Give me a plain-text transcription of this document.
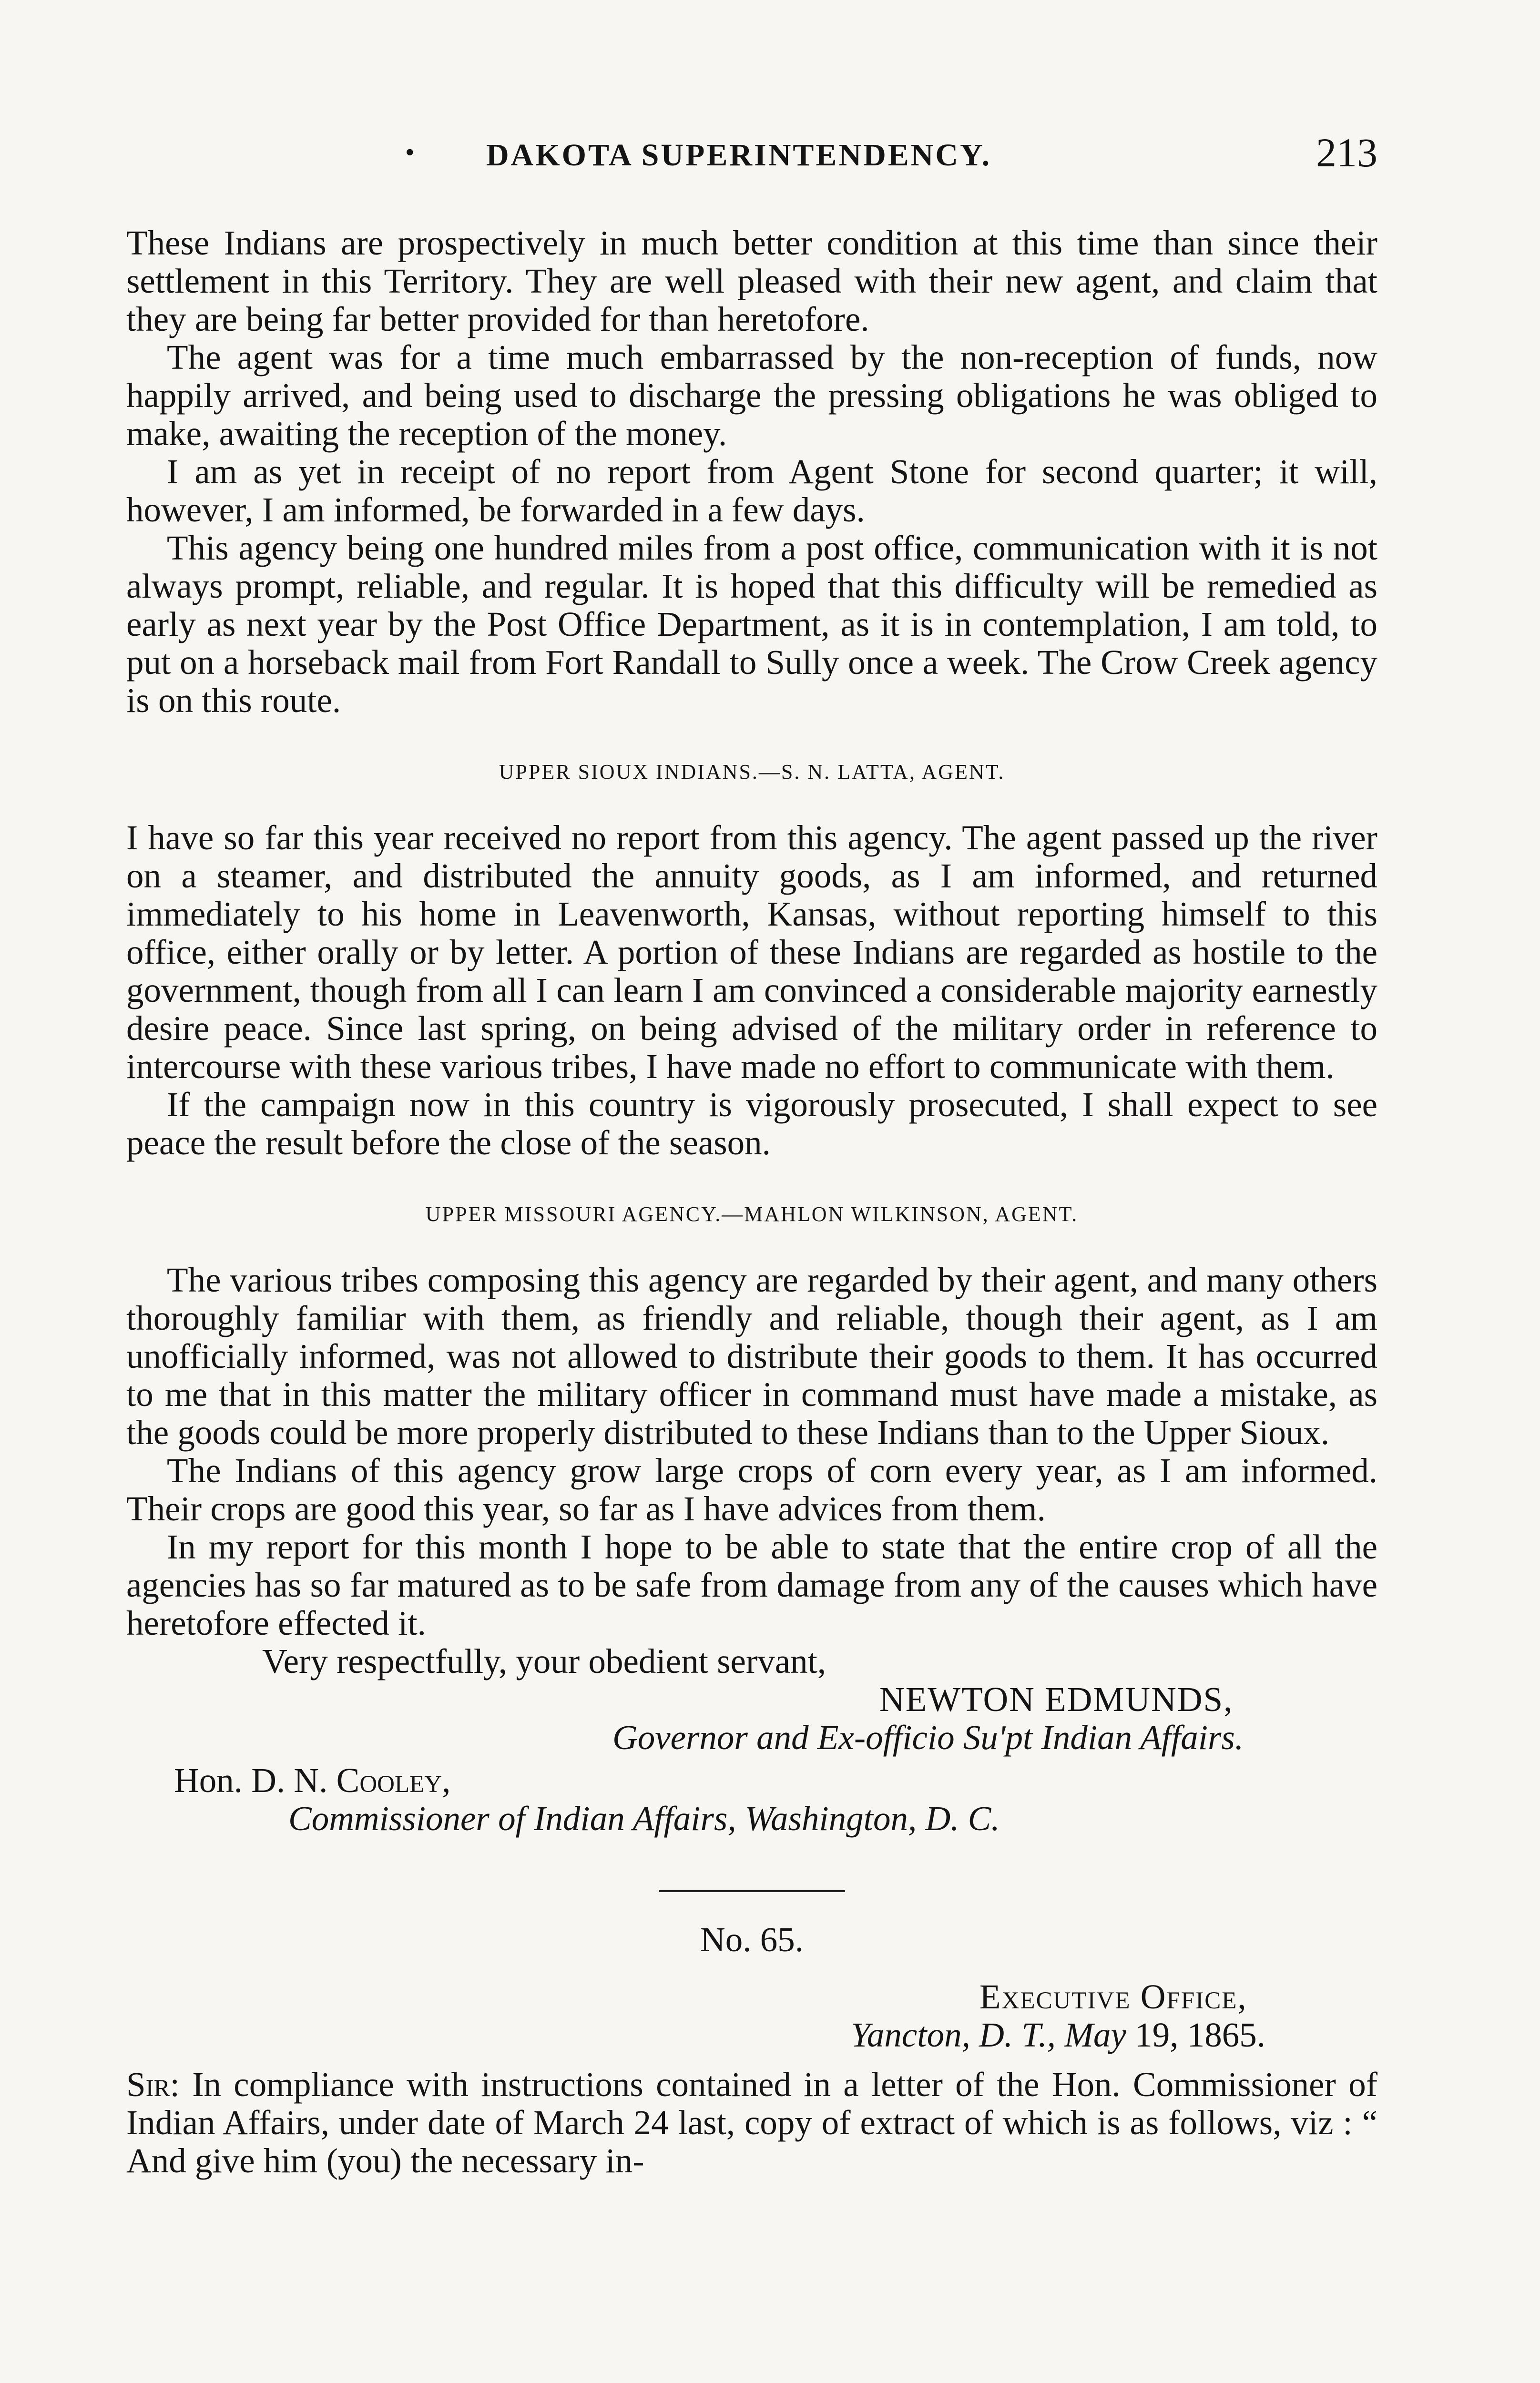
• DAKOTA SUPERINTENDENCY.	213

These Indians are prospectively in much better condition at this time than since their settlement in this Territory. They are well pleased with their new agent, and claim that they are being far better provided for than heretofore.

The agent was for a time much embarrassed by the non-reception of funds, now happily arrived, and being used to discharge the pressing obligations he was obliged to make, awaiting the reception of the money.

I am as yet in receipt of no report from Agent Stone for second quarter; it will, however, I am informed, be forwarded in a few days.

This agency being one hundred miles from a post office, communication with it is not always prompt, reliable, and regular. It is hoped that this difficulty will be remedied as early as next year by the Post Office Department, as it is in contemplation, I am told, to put on a horseback mail from Fort Randall to Sully once a week. The Crow Creek agency is on this route.

UPPER SIOUX INDIANS.—S. N. LATTA, AGENT.

I have so far this year received no report from this agency. The agent passed up the river on a steamer, and distributed the annuity goods, as I am informed, and returned immediately to his home in Leavenworth, Kansas, without reporting himself to this office, either orally or by letter. A portion of these Indians are regarded as hostile to the government, though from all I can learn I am convinced a considerable majority earnestly desire peace. Since last spring, on being advised of the military order in reference to intercourse with these various tribes, I have made no effort to communicate with them.

If the campaign now in this country is vigorously prosecuted, I shall expect to see peace the result before the close of the season.

UPPER MISSOURI AGENCY.—MAHLON WILKINSON, AGENT.

The various tribes composing this agency are regarded by their agent, and many others thoroughly familiar with them, as friendly and reliable, though their agent, as I am unofficially informed, was not allowed to distribute their goods to them. It has occurred to me that in this matter the military officer in command must have made a mistake, as the goods could be more properly distributed to these Indians than to the Upper Sioux.

The Indians of this agency grow large crops of corn every year, as I am informed. Their crops are good this year, so far as I have advices from them.

In my report for this month I hope to be able to state that the entire crop of all the agencies has so far matured as to be safe from damage from any of the causes which have heretofore effected it.

Very respectfully, your obedient servant,

NEWTON EDMUNDS,

Governor and Ex-officio Su'pt Indian Affairs.

Hon. D. N. Cooley,

Commissioner of Indian Affairs, Washington, D. C.

No. 65.

Executive Office,

Yancton, D. T., May 19, 1865.

Sir: In compliance with instructions contained in a letter of the Hon. Commissioner of Indian Affairs, under date of March 24 last, copy of extract of which is as follows, viz : “ And give him (you) the necessary in-
